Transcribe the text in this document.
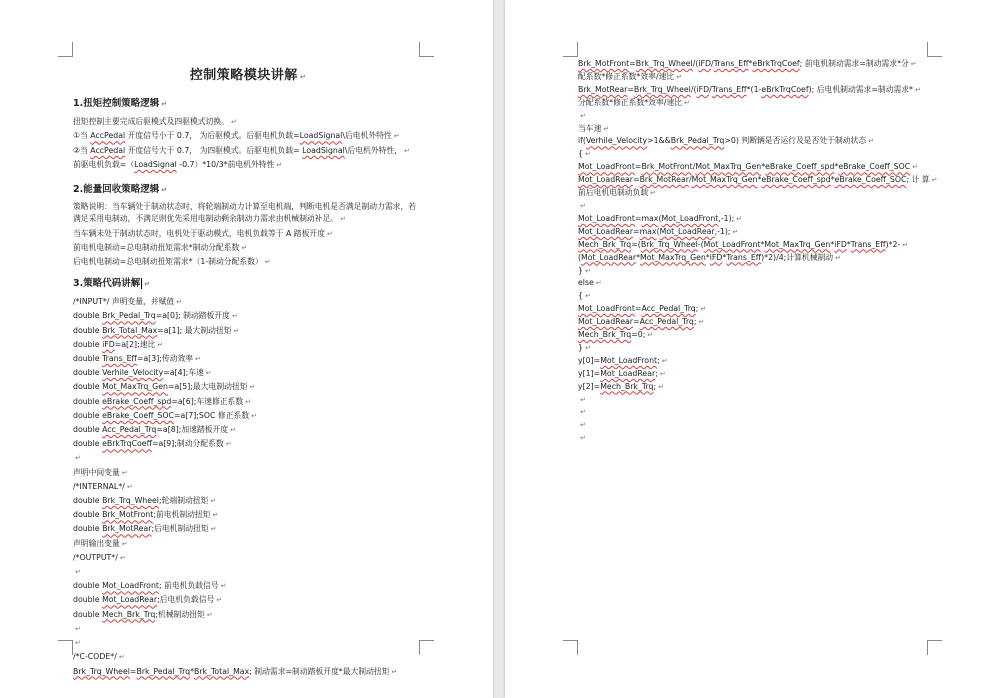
控制策略模块讲解 ↵
1.扭矩控制策略逻辑 ↵
扭矩控制主要完成后驱模式及四驱模式切换。 ↵
①当 AccPedal 开度信号小于 0.7， 为后驱模式。后驱电机负载=LoadSignal\后电机外特性 ↵
②当 AccPedal 开度信号大于 0.7， 为四驱模式。后驱电机负载= LoadSignal\后电机外特性， ↵
前驱电机负载=（LoadSignal -0.7）*10/3*前电机外特性 ↵
2.能量回收策略逻辑 ↵
策略说明：当车辆处于制动状态时，将轮端制动力计算至电机端，判断电机是否满足制动力需求，若满足采用电制动，不满足则优先采用电制动剩余制动力需求由机械制动补足。 ↵
当车辆未处于制动状态时，电机处于驱动模式，电机负载等于 A 踏板开度 ↵
前电机电制动=总电制动扭矩需求*制动分配系数 ↵
后电机电制动=总电制动扭矩需求*（1-制动分配系数） ↵
3.策略代码讲解 ↵
/*INPUT*/ 声明变量，并赋值 ↵
double Brk_Pedal_Trq=a[0]; 制动踏板开度 ↵
double Brk_Total_Max=a[1]; 最大制动扭矩 ↵
double iFD=a[2];速比 ↵
double Trans_Eff=a[3];传动效率 ↵
double Verhile_Velocity=a[4];车速 ↵
double Mot_MaxTrq_Gen=a[5];最大电制动扭矩 ↵
double eBrake_Coeff_spd=a[6];车速修正系数 ↵
double eBrake_Coeff_SOC=a[7];SOC 修正系数 ↵
double Acc_Pedal_Trq=a[8];加速踏板开度 ↵
double eBrkTrqCoeff=a[9];制动分配系数 ↵
↵
声明中间变量 ↵
/*INTERNAL*/ ↵
double Brk_Trq_Wheel;轮端制动扭矩 ↵
double Brk_MotFront;前电机制动扭矩 ↵
double Brk_MotRear;后电机制动扭矩 ↵
声明输出变量 ↵
/*OUTPUT*/ ↵
↵
double Mot_LoadFront; 前电机负载信号 ↵
double Mot_LoadRear;后电机负载信号 ↵
double Mech_Brk_Trq;机械制动扭矩 ↵
↵
↵
/*C-CODE*/ ↵
Brk_Trq_Wheel=Brk_Pedal_Trq*Brk_Total_Max; 制动需求=制动踏板开度*最大制动扭矩 ↵
Brk_MotFront=Brk_Trq_Wheel/(iFD/Trans_Eff*eBrkTrqCoef; 前电机制动需求=制动需求*分 ↵
配系数*修正系数*效率/速比 ↵
Brk_MotRear=Brk_Trq_Wheel/(iFD/Trans_Eff*(1-eBrkTrqCoef); 后电机制动需求=制动需求* ↵
分配系数*修正系数*效率/速比 ↵
↵
当车速 ↵
if(Verhile_Velocity>1&&Brk_Pedal_Trq>0) 判断辆是否运行及是否处于制动状态 ↵
{ ↵
Mot_LoadFront=Brk_MotFront/Mot_MaxTrq_Gen*eBrake_Coeff_spd*eBrake_Coeff_SOC ↵
Mot_LoadRear=Brk_MotRear/Mot_MaxTrq_Gen*eBrake_Coeff_spd*eBrake_Coeff_SOC; 计 算 ↵
前后电机电制动负载 ↵
↵
Mot_LoadFront=max(Mot_LoadFront,-1); ↵
Mot_LoadRear=max(Mot_LoadRear,-1); ↵
Mech_Brk_Trq=(Brk_Trq_Wheel-(Mot_LoadFront*Mot_MaxTrq_Gen*iFD*Trans_Eff)*2- ↵
(Mot_LoadRear*Mot_MaxTrq_Gen*iFD*Trans_Eff)*2)/4;计算机械制动 ↵
} ↵
else ↵
{ ↵
Mot_LoadFront=Acc_Pedal_Trq; ↵
Mot_LoadRear=Acc_Pedal_Trq; ↵
Mech_Brk_Trq=0; ↵
} ↵
y[0]=Mot_LoadFront; ↵
y[1]=Mot_LoadRear; ↵
y[2]=Mech_Brk_Trq; ↵
↵
↵
↵
↵
